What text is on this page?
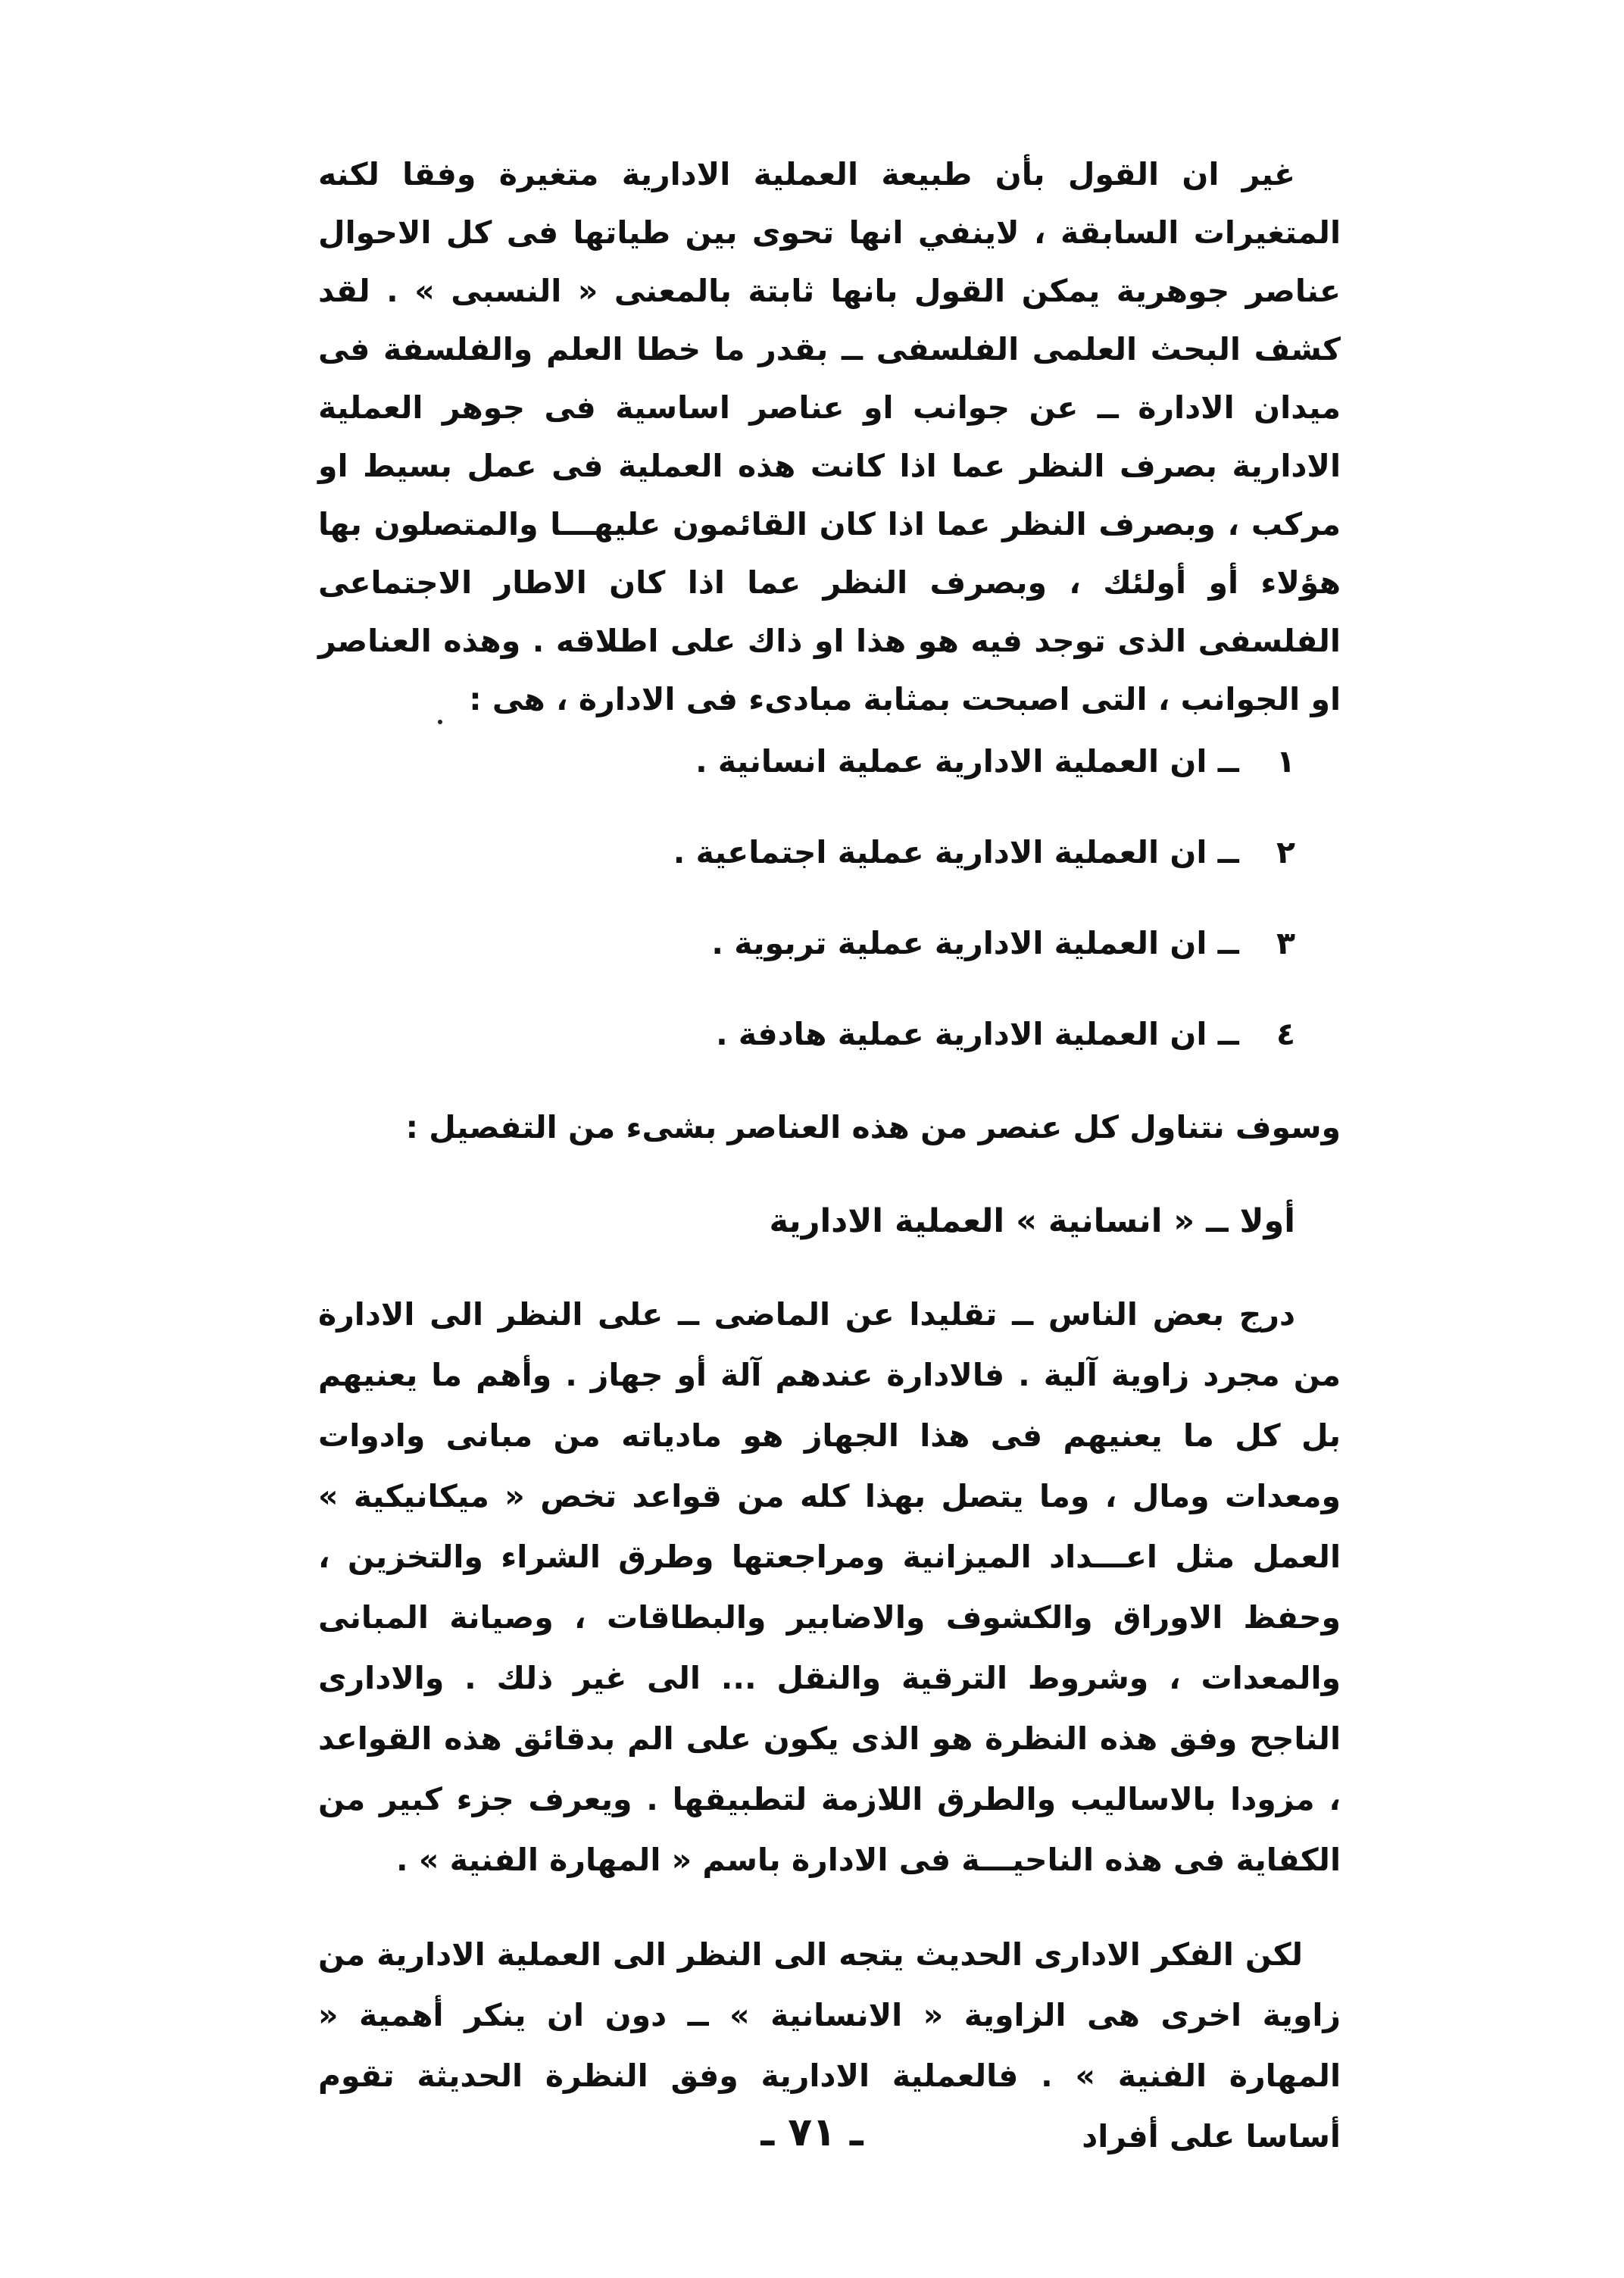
غير ان القول بأن طبيعة العملية الادارية متغيرة وفقا لكنه المتغيرات السابقة ، لاينفي انها تحوى بين طياتها فى كل الاحوال عناصر جوهرية يمكن القول بانها ثابتة بالمعنى « النسبى » . لقد كشف البحث العلمى الفلسفى ــ بقدر ما خطا العلم والفلسفة فى ميدان الادارة ــ عن جوانب او عناصر اساسية فى جوهر العملية الادارية بصرف النظر عما اذا كانت هذه العملية فى عمل بسيط او مركب ، وبصرف النظر عما اذا كان القائمون عليهـــا والمتصلون بها هؤلاء أو أولئك ، وبصرف النظر عما اذا كان الاطار الاجتماعى الفلسفى الذى توجد فيه هو هذا او ذاك على اطلاقه . وهذه العناصر او الجوانب ، التى اصبحت بمثابة مبادىء فى الادارة ، هى :
١ ــ ان العملية الادارية عملية انسانية .
٢ ــ ان العملية الادارية عملية اجتماعية .
٣ ــ ان العملية الادارية عملية تربوية .
٤ ــ ان العملية الادارية عملية هادفة .
وسوف نتناول كل عنصر من هذه العناصر بشىء من التفصيل :
أولا ــ « انسانية » العملية الادارية
درج بعض الناس ــ تقليدا عن الماضى ــ على النظر الى الادارة من مجرد زاوية آلية . فالادارة عندهم آلة أو جهاز . وأهم ما يعنيهم بل كل ما يعنيهم فى هذا الجهاز هو مادياته من مبانى وادوات ومعدات ومال ، وما يتصل بهذا كله من قواعد تخص « ميكانيكية » العمل مثل اعـــداد الميزانية ومراجعتها وطرق الشراء والتخزين ، وحفظ الاوراق والكشوف والاضابير والبطاقات ، وصيانة المبانى والمعدات ، وشروط الترقية والنقل ... الى غير ذلك . والادارى الناجح وفق هذه النظرة هو الذى يكون على الم بدقائق هذه القواعد ، مزودا بالاساليب والطرق اللازمة لتطبيقها . ويعرف جزء كبير من الكفاية فى هذه الناحيـــة فى الادارة باسم « المهارة الفنية » .
لكن الفكر الادارى الحديث يتجه الى النظر الى العملية الادارية من زاوية اخرى هى الزاوية « الانسانية » ــ دون ان ينكر أهمية « المهارة الفنية » . فالعملية الادارية وفق النظرة الحديثة تقوم أساسا على أفراد
ـ ٧١ ـ
